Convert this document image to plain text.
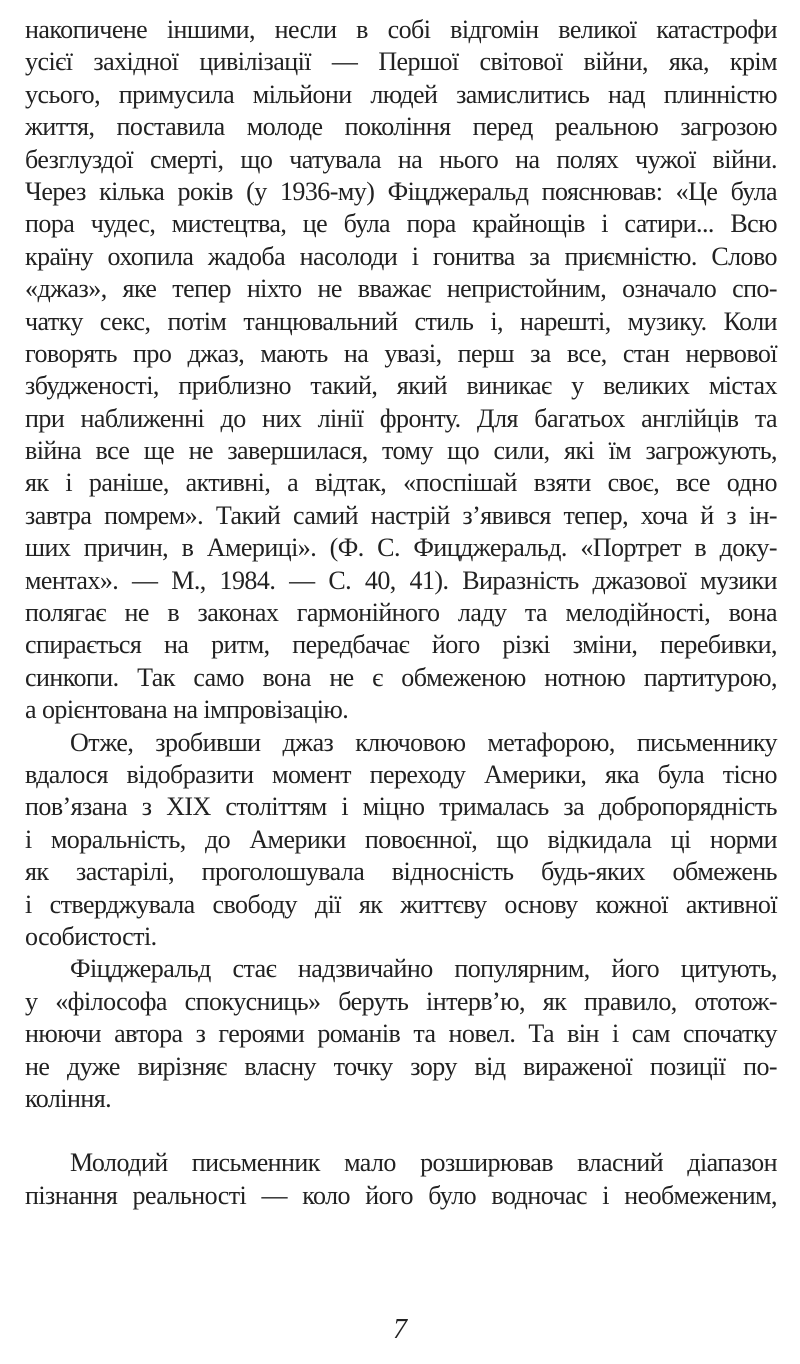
накопичене іншими, несли в собі відгомін великої катастрофи
усієї західної цивілізації — Першої світової війни, яка, крім
усього, примусила мільйони людей замислитись над плинністю
життя, поставила молоде покоління перед реальною загрозою
безглуздої смерті, що чатувала на нього на полях чужої війни.
Через кілька років (у 1936-му) Фіцджеральд пояснював: «Це була
пора чудес, мистецтва, це була пора крайнощів і сатири... Всю
країну охопила жадоба насолоди і гонитва за приємністю. Слово
«джаз», яке тепер ніхто не вважає непристойним, означало спо-
чатку секс, потім танцювальний стиль і, нарешті, музику. Коли
говорять про джаз, мають на увазі, перш за все, стан нервової
збудженості, приблизно такий, який виникає у великих містах
при наближенні до них лінії фронту. Для багатьох англійців та
війна все ще не завершилася, тому що сили, які їм загрожують,
як і раніше, активні, а відтак, «поспішай взяти своє, все одно
завтра помрем». Такий самий настрій з’явився тепер, хоча й з ін-
ших причин, в Америці». (Ф. С. Фицджеральд. «Портрет в доку-
ментах». — М., 1984. — С. 40, 41). Виразність джазової музики
полягає не в законах гармонійного ладу та мелодійності, вона
спирається на ритм, передбачає його різкі зміни, перебивки,
синкопи. Так само вона не є обмеженою нотною партитурою,
а орієнтована на імпровізацію.
Отже, зробивши джаз ключовою метафорою, письменнику
вдалося відобразити момент переходу Америки, яка була тісно
пов’язана з XIX століттям і міцно трималась за добропорядність
і моральність, до Америки повоєнної, що відкидала ці норми
як застарілі, проголошувала відносність будь-яких обмежень
і стверджувала свободу дії як життєву основу кожної активної
особистості.
Фіцджеральд стає надзвичайно популярним, його цитують,
у «філософа спокусниць» беруть інтерв’ю, як правило, ототож-
нюючи автора з героями романів та новел. Та він і сам спочатку
не дуже вирізняє власну точку зору від вираженої позиції по-
коління.
Молодий письменник мало розширював власний діапазон
пізнання реальності — коло його було водночас і необмеженим,
7
